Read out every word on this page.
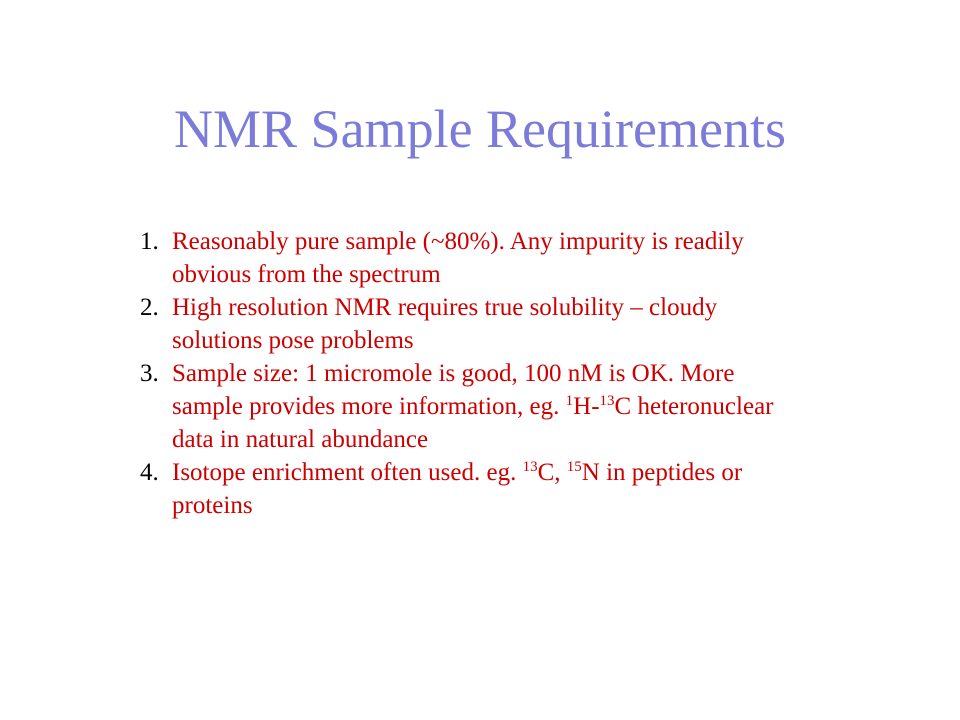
NMR Sample Requirements
1. Reasonably pure sample (~80%). Any impurity is readily obvious from the spectrum
2. High resolution NMR requires true solubility – cloudy solutions pose problems
3. Sample size: 1 micromole is good, 100 nM is OK. More sample provides more information, eg. $^1$H-$^{13}$C heteronuclear data in natural abundance
4. Isotope enrichment often used. eg. $^{13}$C, $^{15}$N in peptides or proteins
